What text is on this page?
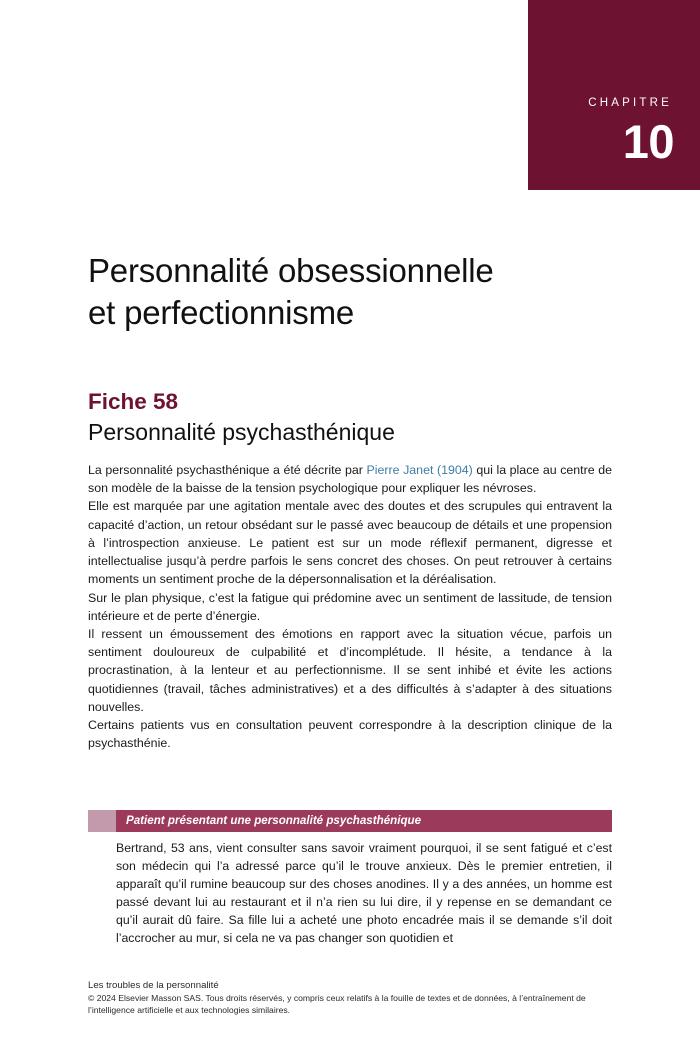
CHAPITRE
10
Personnalité obsessionnelle
et perfectionnisme
Fiche 58
Personnalité psychasthénique

La personnalité psychasthénique a été décrite par Pierre Janet (1904) qui la place au centre de son modèle de la baisse de la tension psychologique pour expliquer les névroses.

Elle est marquée par une agitation mentale avec des doutes et des scrupules qui entravent la capacité d’action, un retour obsédant sur le passé avec beaucoup de détails et une propension à l’introspection anxieuse. Le patient est sur un mode réflexif permanent, digresse et intellectualise jusqu’à perdre parfois le sens concret des choses. On peut retrouver à certains moments un sentiment proche de la dépersonnalisation et la déréalisation.

Sur le plan physique, c’est la fatigue qui prédomine avec un sentiment de lassitude, de tension intérieure et de perte d’énergie.

Il ressent un émoussement des émotions en rapport avec la situation vécue, parfois un sentiment douloureux de culpabilité et d’incomplétude. Il hésite, a tendance à la procrastination, à la lenteur et au perfectionnisme. Il se sent inhibé et évite les actions quotidiennes (travail, tâches administratives) et a des difficultés à s’adapter à des situations nouvelles.

Certains patients vus en consultation peuvent correspondre à la description clinique de la psychasthénie.

Patient présentant une personnalité psychasthénique
Bertrand, 53 ans, vient consulter sans savoir vraiment pourquoi, il se sent fatigué et c’est son médecin qui l’a adressé parce qu’il le trouve anxieux. Dès le premier entretien, il apparaît qu’il rumine beaucoup sur des choses anodines. Il y a des années, un homme est passé devant lui au restaurant et il n’a rien su lui dire, il y repense en se demandant ce qu’il aurait dû faire. Sa fille lui a acheté une photo encadrée mais il se demande s’il doit l’accrocher au mur, si cela ne va pas changer son quotidien et
Les troubles de la personnalité
© 2024 Elsevier Masson SAS. Tous droits réservés, y compris ceux relatifs à la fouille de textes et de données, à l’entraînement de l’intelligence artificielle et aux technologies similaires.
